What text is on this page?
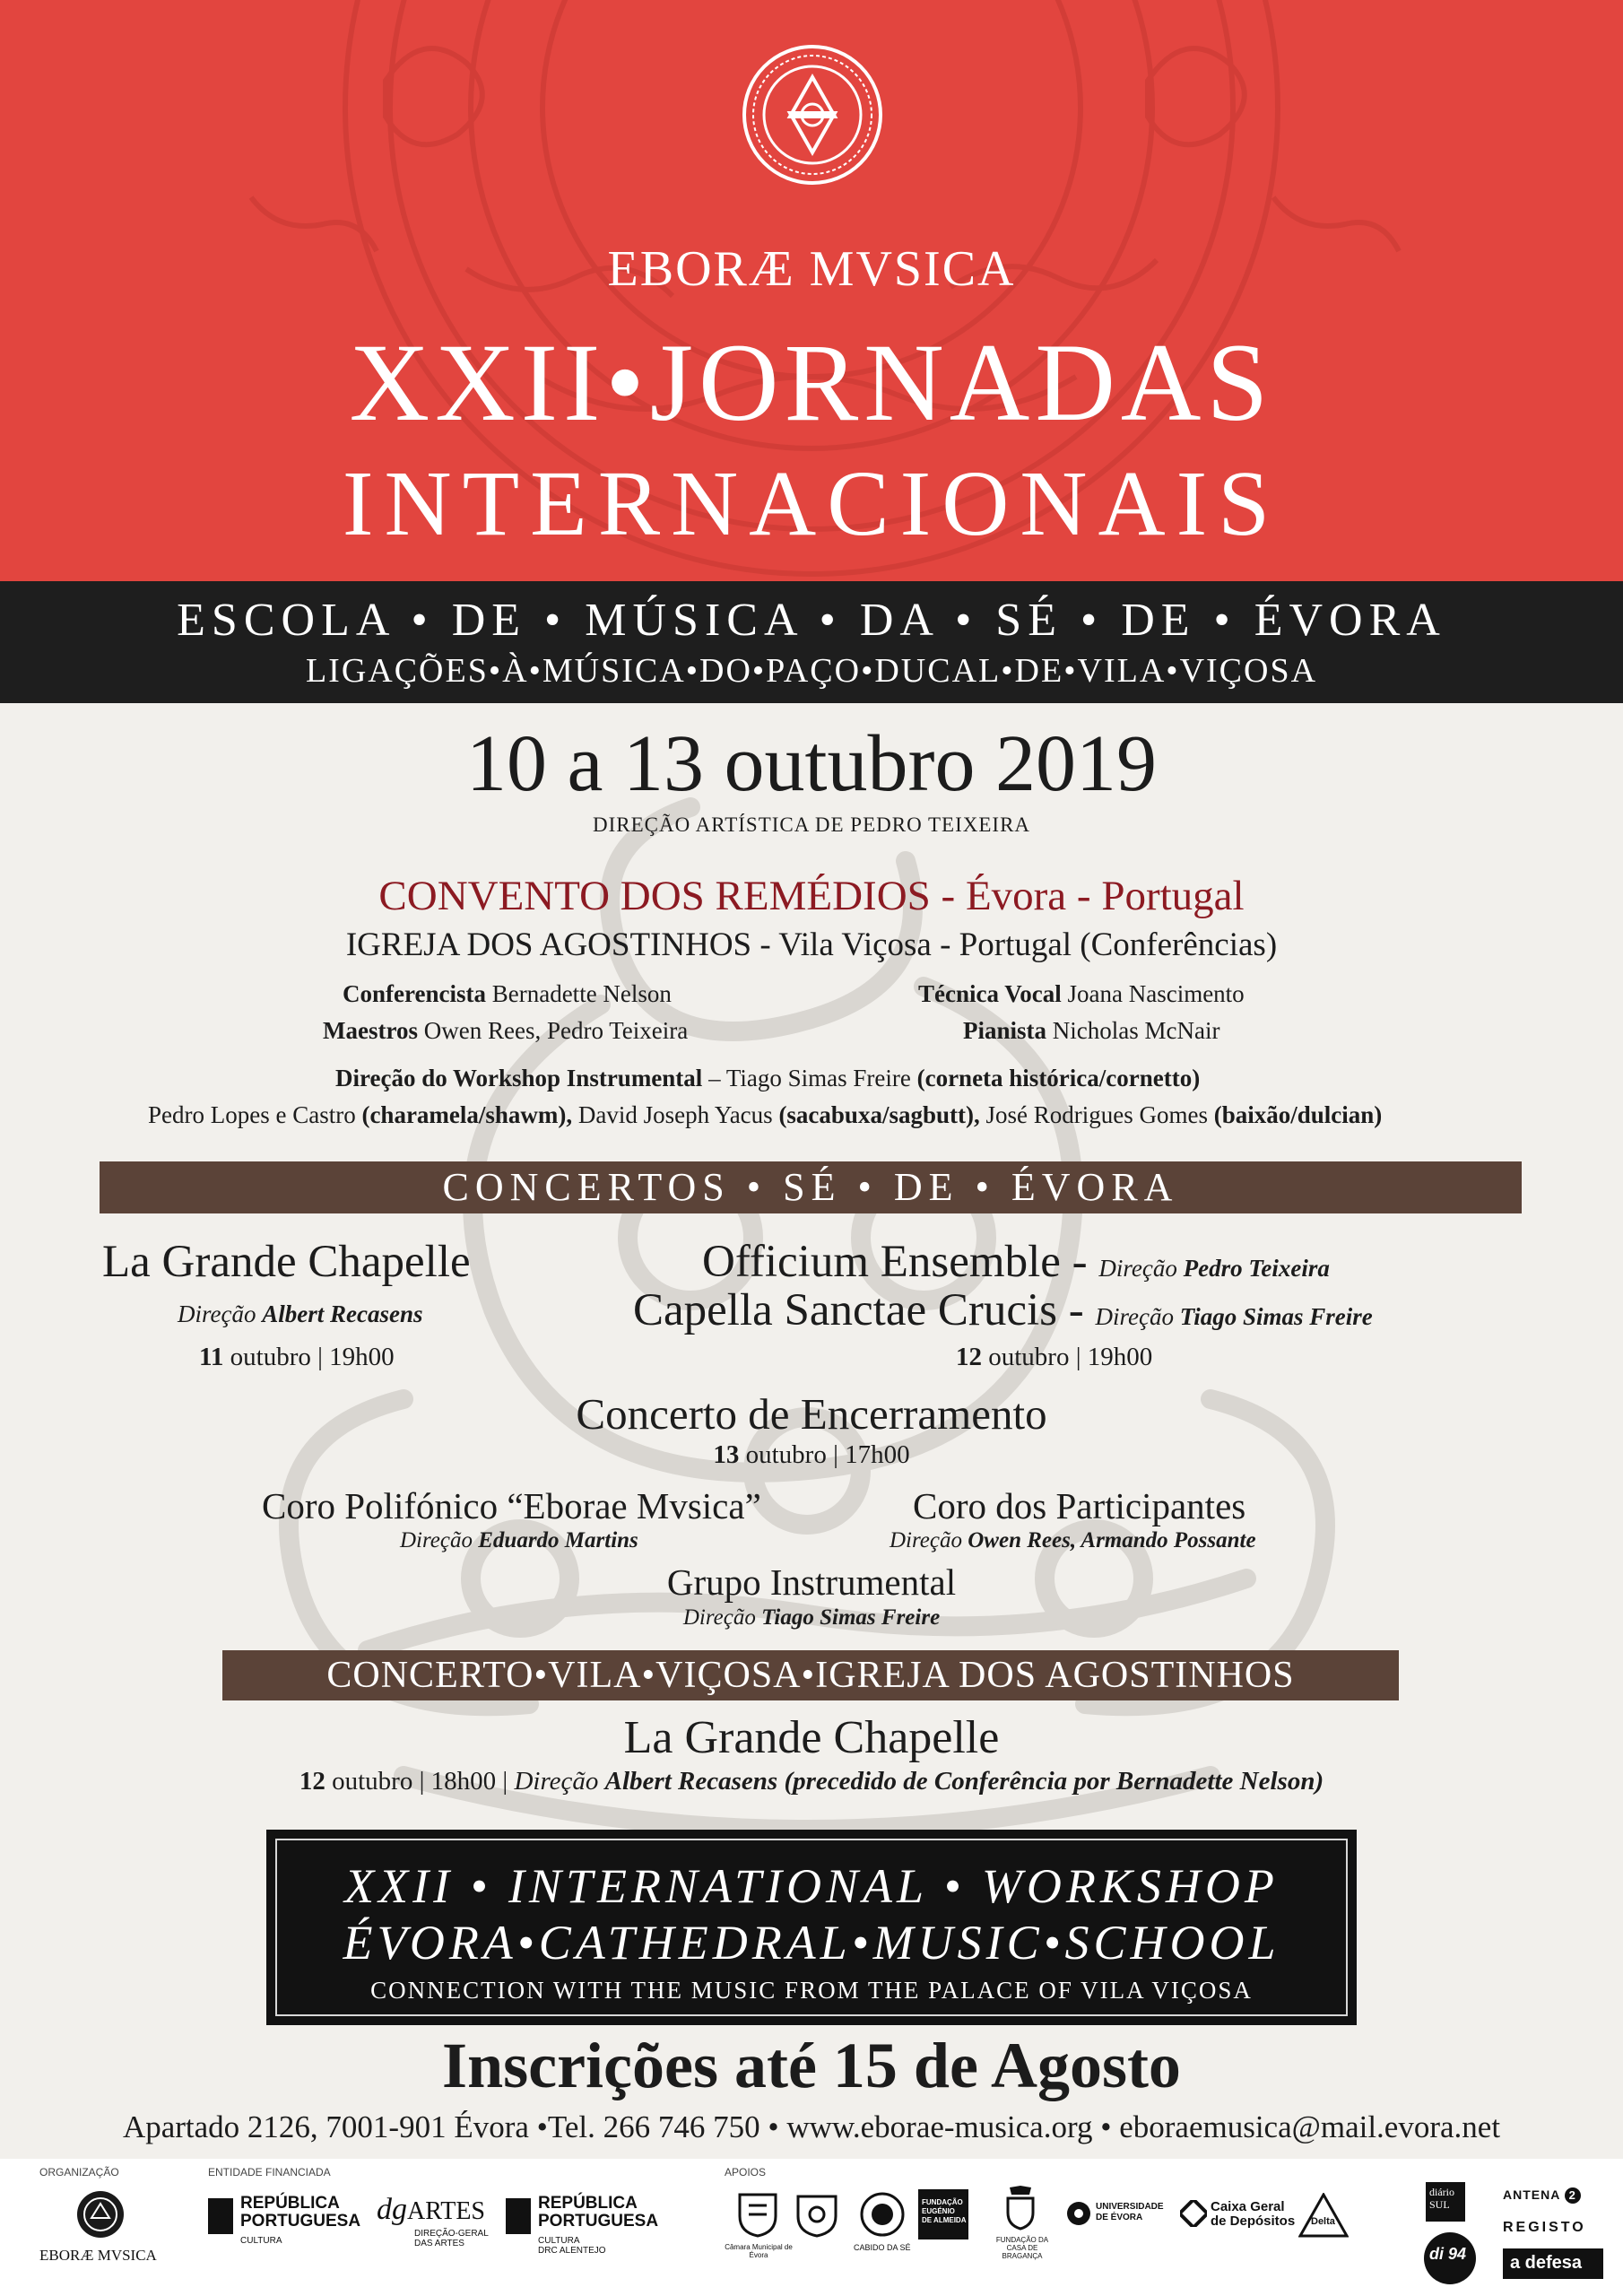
EBORÆ MVSICA
XXII•JORNADAS
INTERNACIONAIS
ESCOLA • DE • MÚSICA • DA • SÉ • DE • ÉVORA
LIGAÇÕES•À•MÚSICA•DO•PAÇO•DUCAL•DE•VILA•VIÇOSA
10 a 13 outubro 2019
DIREÇÃO ARTÍSTICA DE PEDRO TEIXEIRA
CONVENTO DOS REMÉDIOS - Évora - Portugal
IGREJA DOS AGOSTINHOS - Vila Viçosa - Portugal (Conferências)
Conferencista Bernadette Nelson
Maestros Owen Rees, Pedro Teixeira
Técnica Vocal Joana Nascimento
Pianista Nicholas McNair
Direção do Workshop Instrumental – Tiago Simas Freire (corneta histórica/cornetto)
Pedro Lopes e Castro (charamela/shawm), David Joseph Yacus (sacabuxa/sagbutt), José Rodrigues Gomes (baixão/dulcian)
CONCERTOS • SÉ • DE • ÉVORA
La Grande Chapelle
Direção Albert Recasens
11 outubro | 19h00
Officium Ensemble - Direção Pedro Teixeira
Capella Sanctae Crucis - Direção Tiago Simas Freire
12 outubro | 19h00
Concerto de Encerramento
13 outubro | 17h00
Coro Polifónico “Eborae Mvsica”
Direção Eduardo Martins
Coro dos Participantes
Direção Owen Rees, Armando Possante
Grupo Instrumental
Direção Tiago Simas Freire
CONCERTO•VILA•VIÇOSA•IGREJA DOS AGOSTINHOS
La Grande Chapelle
12 outubro | 18h00 | Direção Albert Recasens (precedido de Conferência por Bernadette Nelson)
XXII • INTERNATIONAL • WORKSHOP
ÉVORA•CATHEDRAL•MUSIC•SCHOOL
CONNECTION WITH THE MUSIC FROM THE PALACE OF VILA VIÇOSA
Inscrições até 15 de Agosto
Apartado 2126, 7001-901 Évora •Tel. 266 746 750 • www.eborae-musica.org • eboraemusica@mail.evora.net
ORGANIZAÇÃO	ENTIDADE FINANCIADA	APOIOS
EBORÆ MVSICA
REPÚBLICA
PORTUGUESA
CULTURA
dgARTES
DIREÇÃO-GERAL
DAS ARTES
REPÚBLICA
PORTUGUESA
CULTURA
DRC ALENTEJO	Câmara Municipal de Évora
CABIDO DA SÉ
FUNDAÇÃO
EUGÉNIO
DE ALMEIDA
FUNDAÇÃO DA
CASA DE BRAGANÇA
UNIVERSIDADE
DE ÉVORA
Caixa Geral
de Depósitos Delta
diário
SUL
di 94
ANTENA 2
REGISTO
a defesa
